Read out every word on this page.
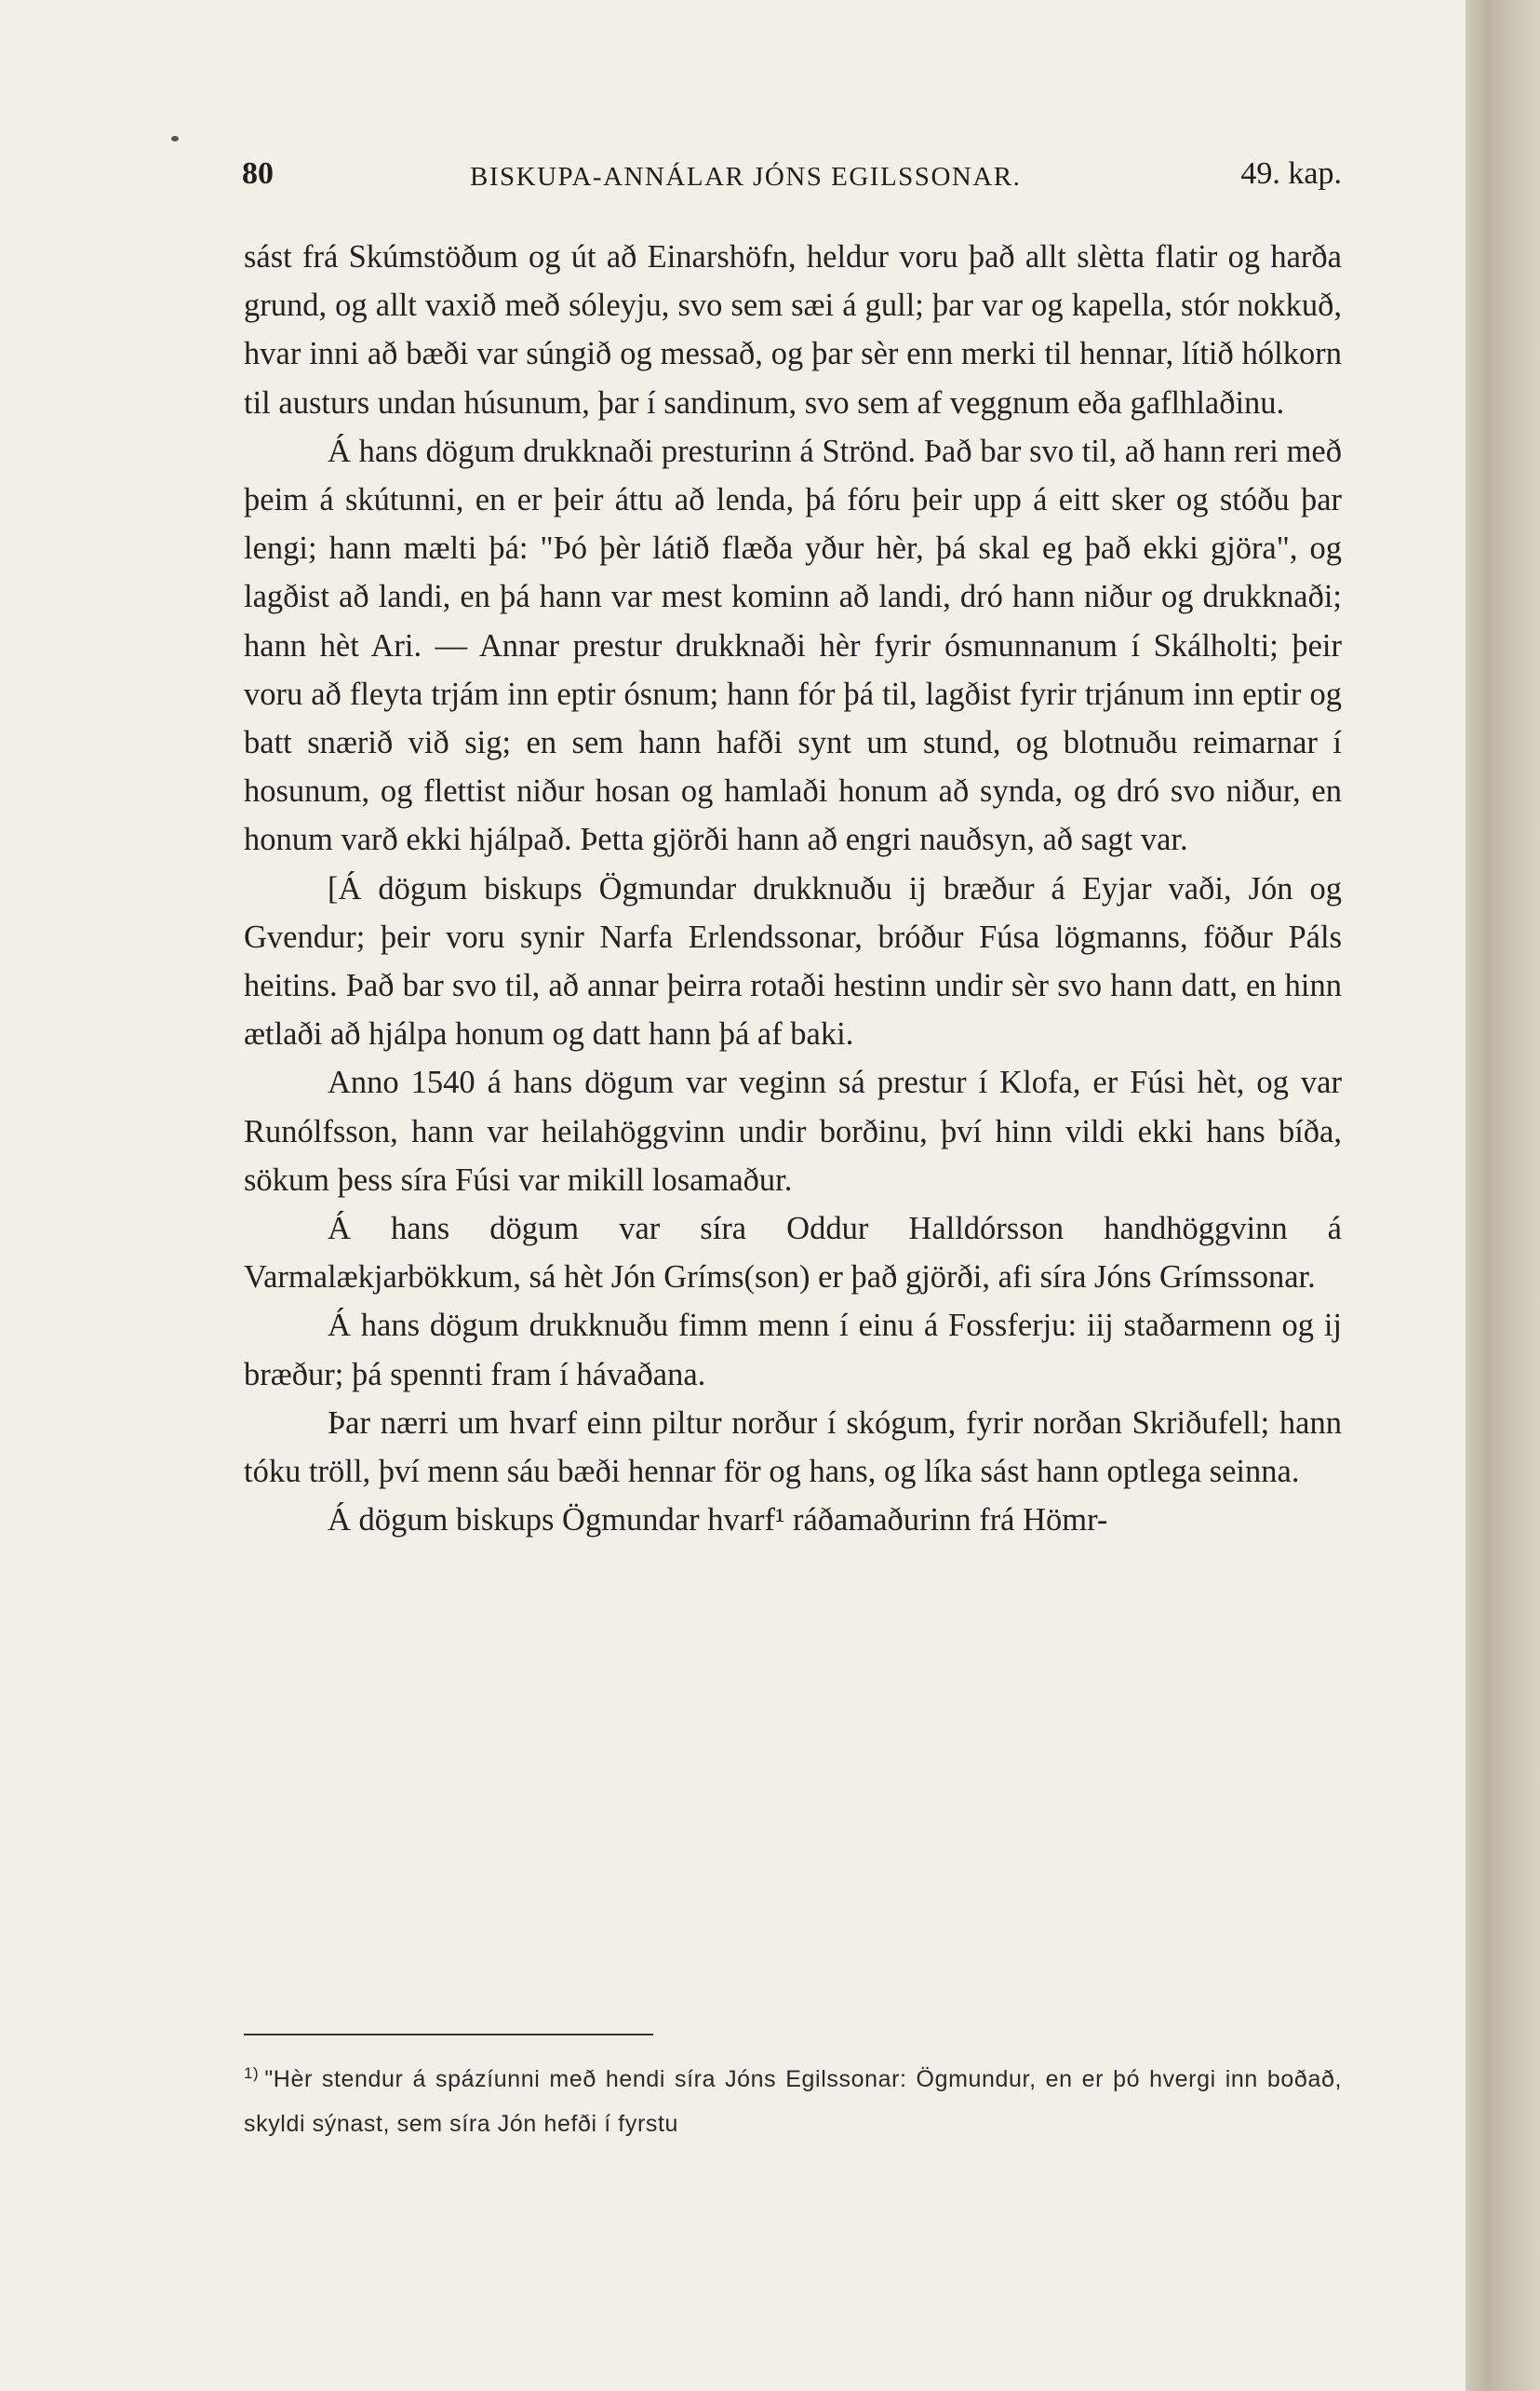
80	BISKUPA-ANNÁLAR JÓNS EGILSSONAR.	49. kap.

sást frá Skúmstöðum og út að Einarshöfn, heldur voru það allt slètta flatir og harða grund, og allt vaxið með sóleyju, svo sem sæi á gull; þar var og kapella, stór nokkuð, hvar inni að bæði var súngið og messað, og þar sèr enn merki til hennar, lítið hólkorn til austurs undan húsunum, þar í sandinum, svo sem af veggnum eða gaflhlaðinu.

Á hans dögum drukknaði presturinn á Strönd. Það bar svo til, að hann reri með þeim á skútunni, en er þeir áttu að lenda, þá fóru þeir upp á eitt sker og stóðu þar lengi; hann mælti þá: "Þó þèr látið flæða yður hèr, þá skal eg það ekki gjöra", og lagðist að landi, en þá hann var mest kominn að landi, dró hann niður og drukknaði; hann hèt Ari. — Annar prestur drukknaði hèr fyrir ósmunnanum í Skálholti; þeir voru að fleyta trjám inn eptir ósnum; hann fór þá til, lagðist fyrir trjánum inn eptir og batt snærið við sig; en sem hann hafði synt um stund, og blotnuðu reimarnar í hosunum, og flettist niður hosan og hamlaði honum að synda, og dró svo niður, en honum varð ekki hjálpað. Þetta gjörði hann að engri nauðsyn, að sagt var.

[Á dögum biskups Ögmundar drukknuðu ij bræður á Eyjar vaði, Jón og Gvendur; þeir voru synir Narfa Erlendssonar, bróður Fúsa lögmanns, föður Páls heitins. Það bar svo til, að annar þeirra rotaði hestinn undir sèr svo hann datt, en hinn ætlaði að hjálpa honum og datt hann þá af baki.

Anno 1540 á hans dögum var veginn sá prestur í Klofa, er Fúsi hèt, og var Runólfsson, hann var heilahöggvinn undir borðinu, því hinn vildi ekki hans bíða, sökum þess síra Fúsi var mikill losamaður.

Á hans dögum var síra Oddur Halldórsson handhöggvinn á Varmalækjarbökkum, sá hèt Jón Gríms(son) er það gjörði, afi síra Jóns Grímssonar.

Á hans dögum drukknuðu fimm menn í einu á Fossferju: iij staðarmenn og ij bræður; þá spennti fram í hávaðana.

Þar nærri um hvarf einn piltur norður í skógum, fyrir norðan Skriðufell; hann tóku tröll, því menn sáu bæði hennar för og hans, og líka sást hann optlega seinna.

Á dögum biskups Ögmundar hvarf¹ ráðamaðurinn frá Hömr-

$^{1)}$ "Hèr stendur á spázíunni með hendi síra Jóns Egilssonar: Ögmundur, en er þó hvergi inn boðað, skyldi sýnast, sem síra Jón hefði í fyrstu
